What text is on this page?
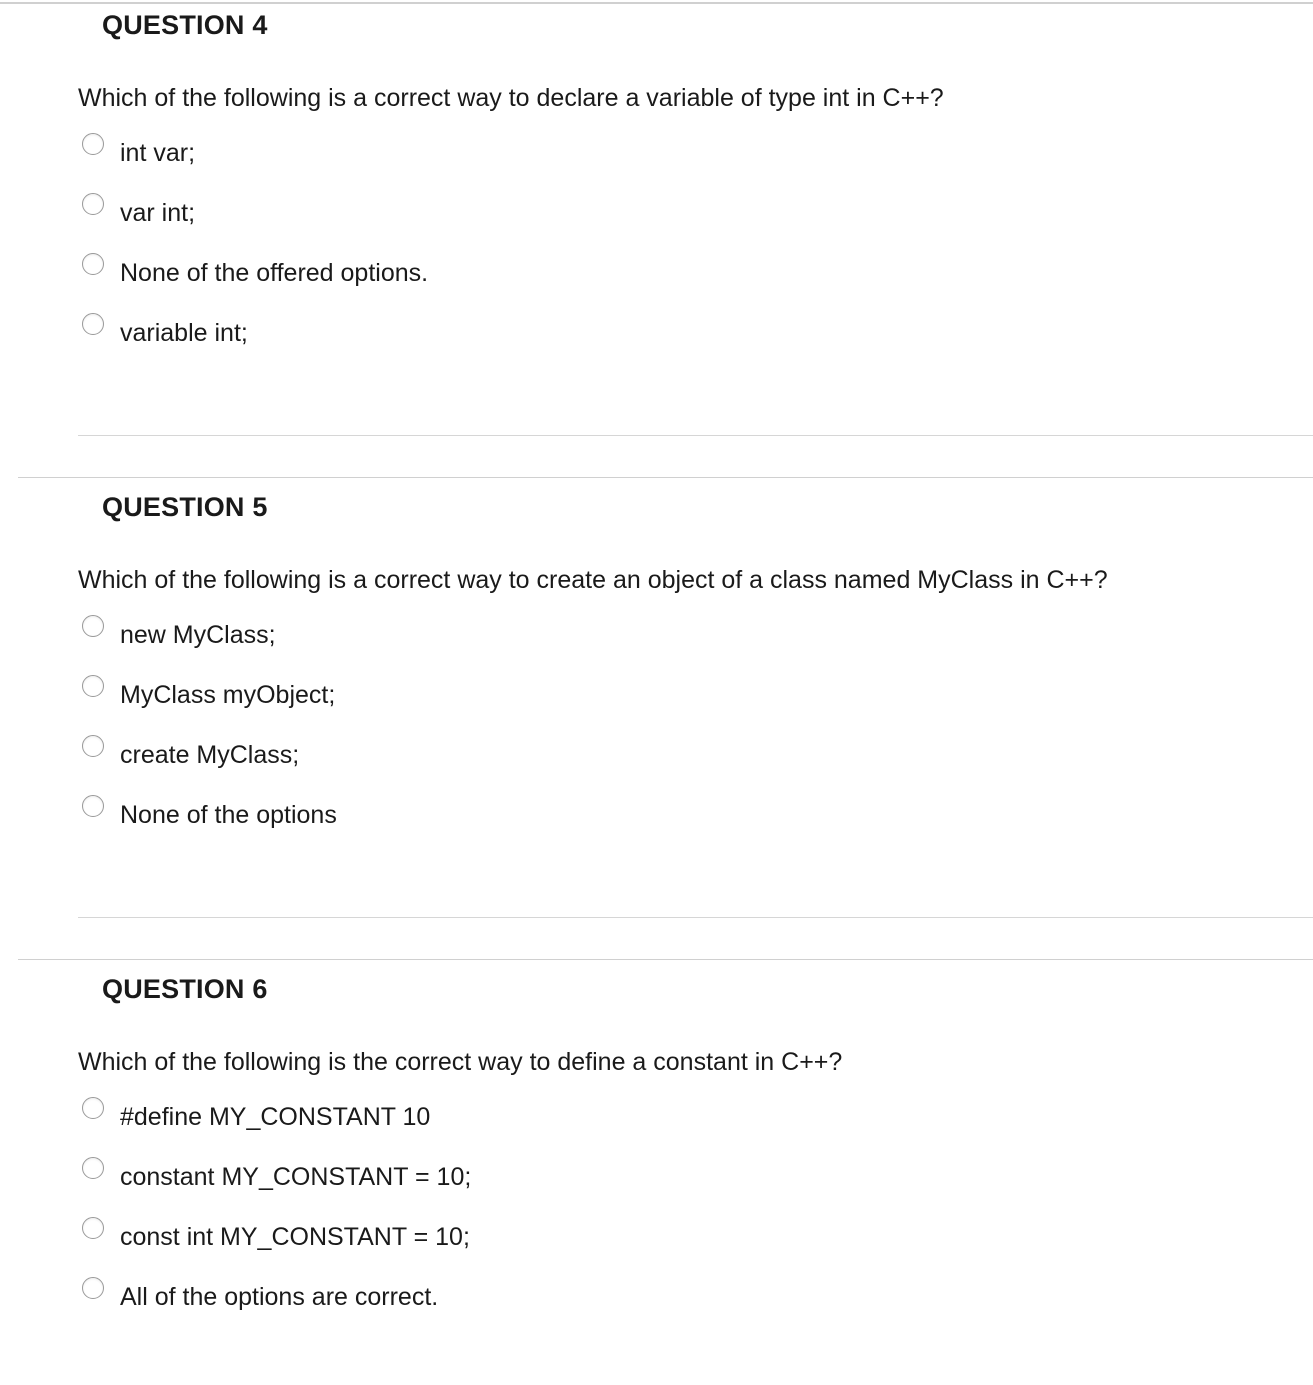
QUESTION 4
Which of the following is a correct way to declare a variable of type int in C++?
int var;
var int;
None of the offered options.
variable int;
QUESTION 5
Which of the following is a correct way to create an object of a class named MyClass in C++?
new MyClass;
MyClass myObject;
create MyClass;
None of the options
QUESTION 6
Which of the following is the correct way to define a constant in C++?
#define MY_CONSTANT 10
constant MY_CONSTANT = 10;
const int MY_CONSTANT = 10;
All of the options are correct.
